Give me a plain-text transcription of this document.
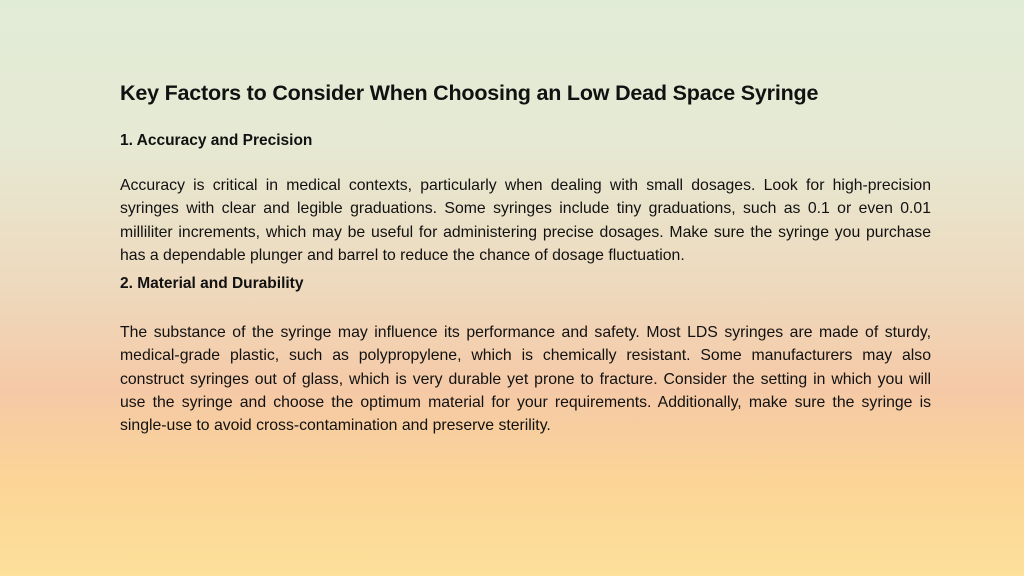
Key Factors to Consider When Choosing an Low Dead Space Syringe
1. Accuracy and Precision

Accuracy is critical in medical contexts, particularly when dealing with small dosages. Look for high-precision syringes with clear and legible graduations. Some syringes include tiny graduations, such as 0.1 or even 0.01 milliliter increments, which may be useful for administering precise dosages. Make sure the syringe you purchase has a dependable plunger and barrel to reduce the chance of dosage fluctuation.

2. Material and Durability

The substance of the syringe may influence its performance and safety. Most LDS syringes are made of sturdy, medical-grade plastic, such as polypropylene, which is chemically resistant. Some manufacturers may also construct syringes out of glass, which is very durable yet prone to fracture. Consider the setting in which you will use the syringe and choose the optimum material for your requirements. Additionally, make sure the syringe is single-use to avoid cross-contamination and preserve sterility.
